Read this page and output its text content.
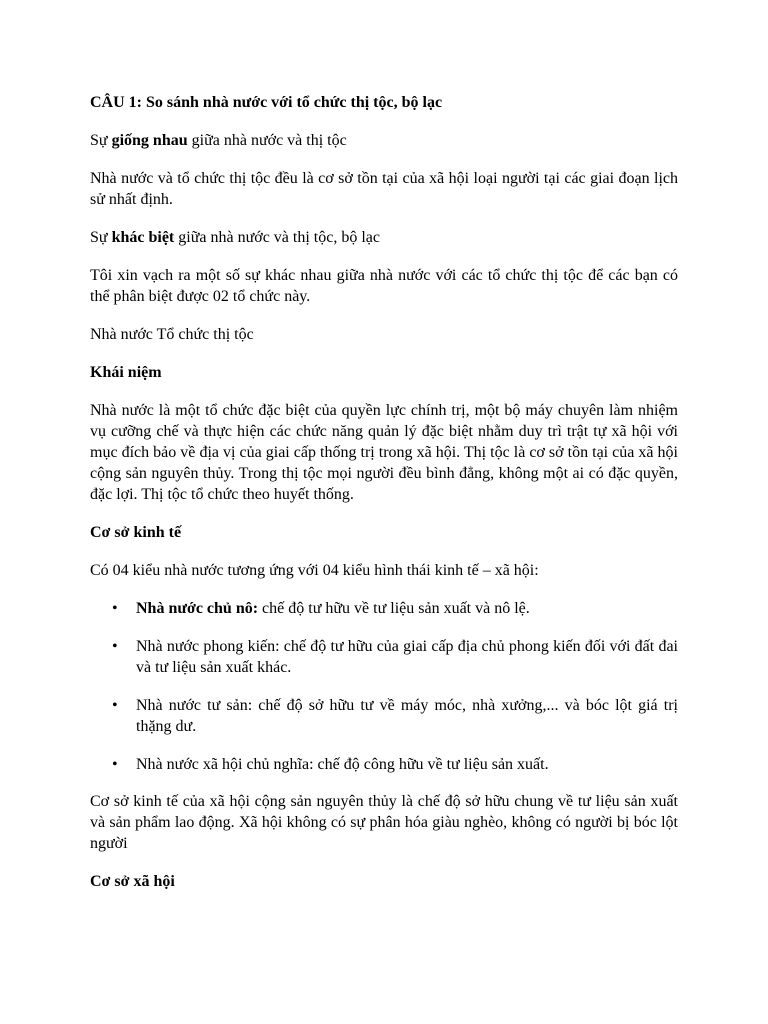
CÂU 1: So sánh nhà nước với tổ chức thị tộc, bộ lạc

Sự giống nhau giữa nhà nước và thị tộc

Nhà nước và tổ chức thị tộc đều là cơ sở tồn tại của xã hội loại người tại các giai đoạn lịch sử nhất định.

Sự khác biệt giữa nhà nước và thị tộc, bộ lạc

Tôi xin vạch ra một số sự khác nhau giữa nhà nước với các tổ chức thị tộc để các bạn có thể phân biệt được 02 tổ chức này.

Nhà nước Tổ chức thị tộc

Khái niệm

Nhà nước là một tổ chức đặc biệt của quyền lực chính trị, một bộ máy chuyên làm nhiệm vụ cưỡng chế và thực hiện các chức năng quản lý đặc biệt nhằm duy trì trật tự xã hội với mục đích bảo về địa vị của giai cấp thống trị trong xã hội. Thị tộc là cơ sở tồn tại của xã hội cộng sản nguyên thủy. Trong thị tộc mọi người đều bình đẳng, không một ai có đặc quyền, đặc lợi. Thị tộc tổ chức theo huyết thống.

Cơ sở kinh tế

Có 04 kiểu nhà nước tương ứng với 04 kiểu hình thái kinh tế – xã hội:

• Nhà nước chủ nô: chế độ tư hữu về tư liệu sản xuất và nô lệ.
• Nhà nước phong kiến: chế độ tư hữu của giai cấp địa chủ phong kiến đối với đất đai và tư liệu sản xuất khác.
• Nhà nước tư sản: chế độ sở hữu tư về máy móc, nhà xưởng,... và bóc lột giá trị thặng dư.
• Nhà nước xã hội chủ nghĩa: chế độ công hữu về tư liệu sản xuất.

Cơ sở kinh tế của xã hội cộng sản nguyên thủy là chế độ sở hữu chung về tư liệu sản xuất và sản phẩm lao động. Xã hội không có sự phân hóa giàu nghèo, không có người bị bóc lột người

Cơ sở xã hội
